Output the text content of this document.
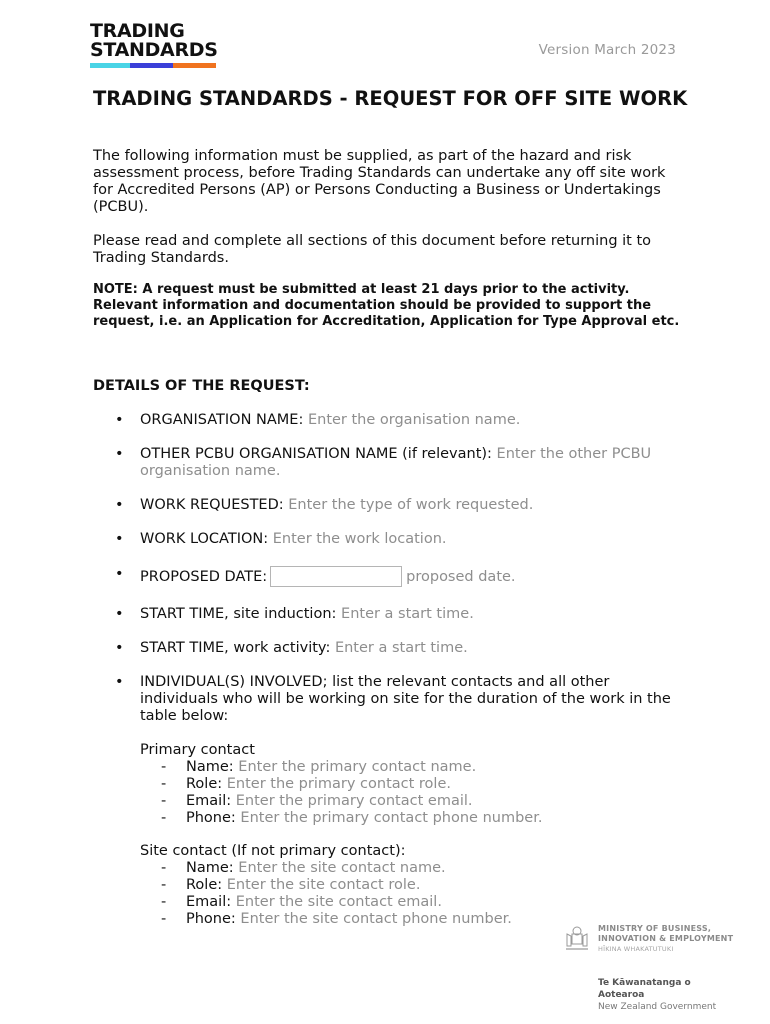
TRADING
STANDARDS	Version March 2023
TRADING STANDARDS - REQUEST FOR OFF SITE WORK

The following information must be supplied, as part of the hazard and risk assessment process, before Trading Standards can undertake any off site work for Accredited Persons (AP) or Persons Conducting a Business or Undertakings (PCBU).

Please read and complete all sections of this document before returning it to Trading Standards.

NOTE: A request must be submitted at least 21 days prior to the activity. Relevant information and documentation should be provided to support the request, i.e. an Application for Accreditation, Application for Type Approval etc.

DETAILS OF THE REQUEST:
• ORGANISATION NAME: Enter the organisation name.
• OTHER PCBU ORGANISATION NAME (if relevant): Enter the other PCBU organisation name.
• WORK REQUESTED: Enter the type of work requested.
• WORK LOCATION: Enter the work location.
• PROPOSED DATE:	proposed date.
• START TIME, site induction: Enter a start time.
• START TIME, work activity: Enter a start time.
• INDIVIDUAL(S) INVOLVED; list the relevant contacts and all other individuals who will be working on site for the duration of the work in the table below:
Primary contact
- Name: Enter the primary contact name.
- Role: Enter the primary contact role.
- Email: Enter the primary contact email.
- Phone: Enter the primary contact phone number.
Site contact (If not primary contact):
- Name: Enter the site contact name.
- Role: Enter the site contact role.
- Email: Enter the site contact email.
- Phone: Enter the site contact phone number.
MINISTRY OF BUSINESS,
INNOVATION & EMPLOYMENT
HĪKINA WHAKATUTUKI
Te Kāwanatanga o Aotearoa
New Zealand Government
